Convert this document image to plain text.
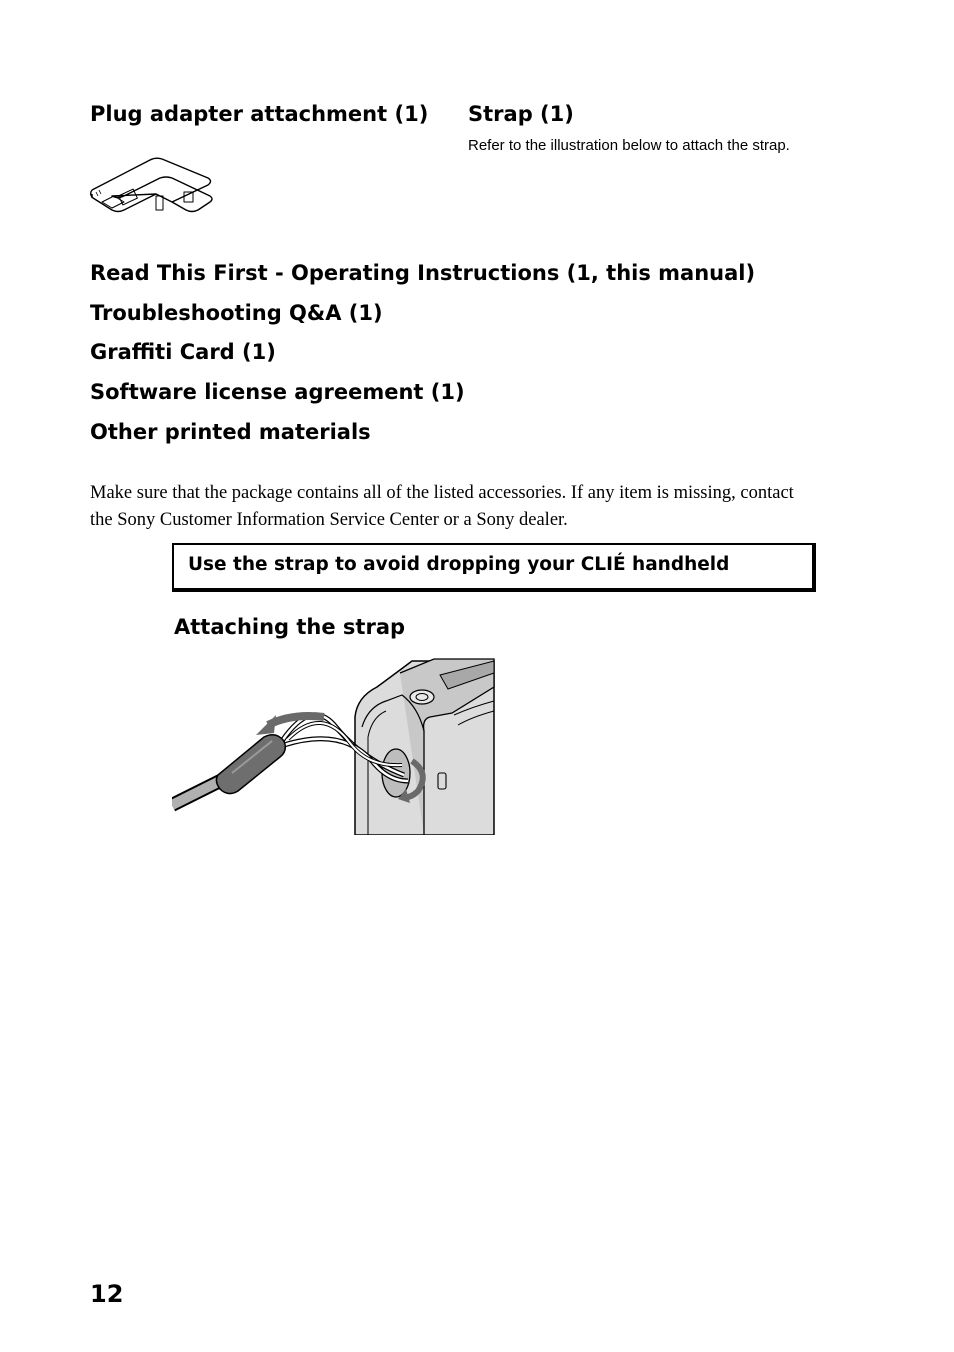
Plug adapter attachment (1) Strap (1)

Refer to the illustration below to attach the strap.

Read This First - Operating Instructions (1, this manual)
Troubleshooting Q&A (1)
Graffiti Card (1)
Software license agreement (1)
Other printed materials

Make sure that the package contains all of the listed accessories. If any item is missing, contact the Sony Customer Information Service Center or a Sony dealer.

Use the strap to avoid dropping your CLIÉ handheld
Attaching the strap

12
